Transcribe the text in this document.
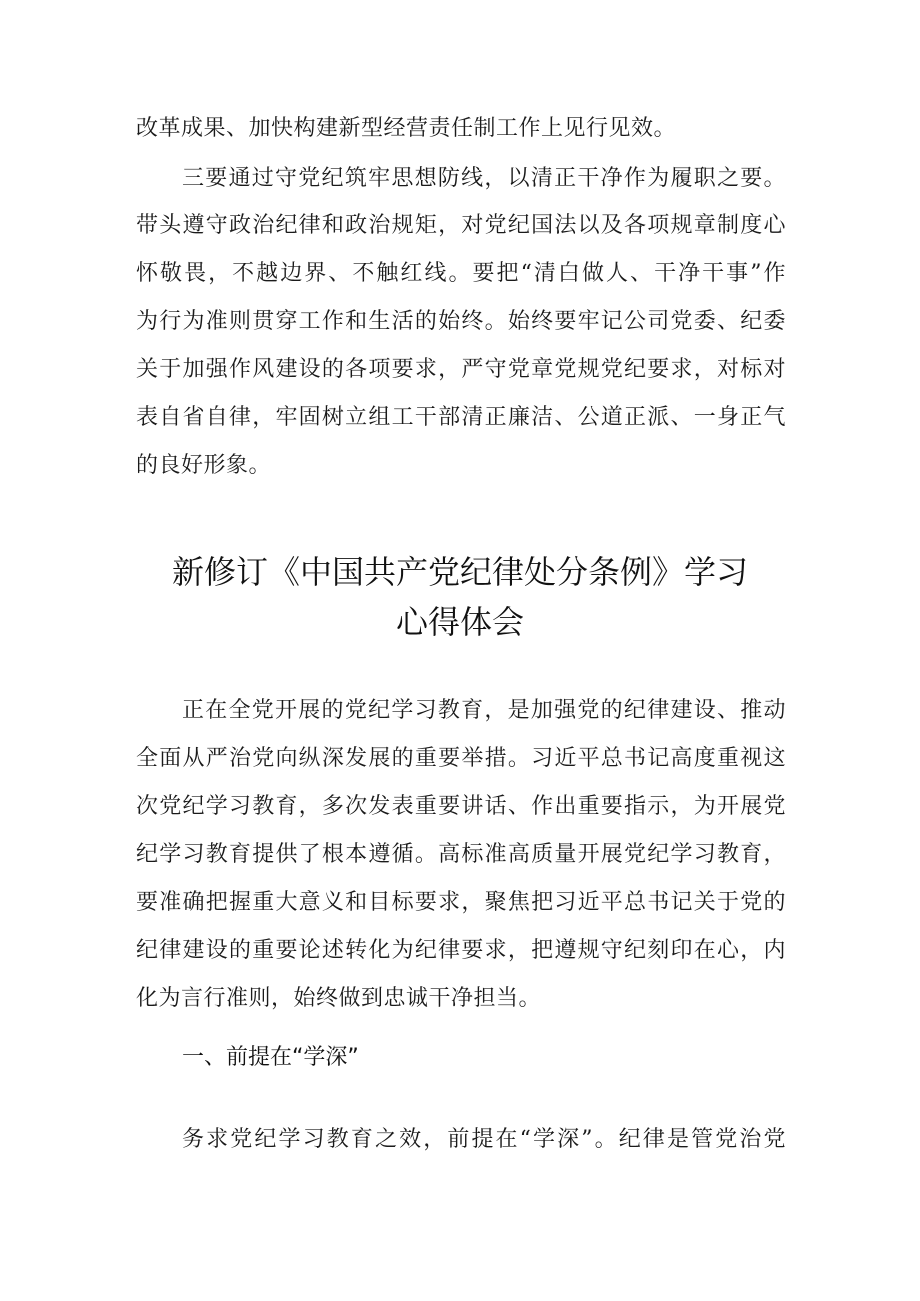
改革成果、加快构建新型经营责任制工作上见行见效。
三要通过守党纪筑牢思想防线，以清正干净作为履职之要。
带头遵守政治纪律和政治规矩，对党纪国法以及各项规章制度心
怀敬畏，不越边界、不触红线。要把“清白做人、干净干事”作
为行为准则贯穿工作和生活的始终。始终要牢记公司党委、纪委
关于加强作风建设的各项要求，严守党章党规党纪要求，对标对
表自省自律，牢固树立组工干部清正廉洁、公道正派、一身正气
的良好形象。
新修订《中国共产党纪律处分条例》学习
心得体会
正在全党开展的党纪学习教育，是加强党的纪律建设、推动
全面从严治党向纵深发展的重要举措。习近平总书记高度重视这
次党纪学习教育，多次发表重要讲话、作出重要指示，为开展党
纪学习教育提供了根本遵循。高标准高质量开展党纪学习教育，
要准确把握重大意义和目标要求，聚焦把习近平总书记关于党的
纪律建设的重要论述转化为纪律要求，把遵规守纪刻印在心，内
化为言行准则，始终做到忠诚干净担当。
一、前提在“学深”
务求党纪学习教育之效，前提在“学深”。纪律是管党治党
